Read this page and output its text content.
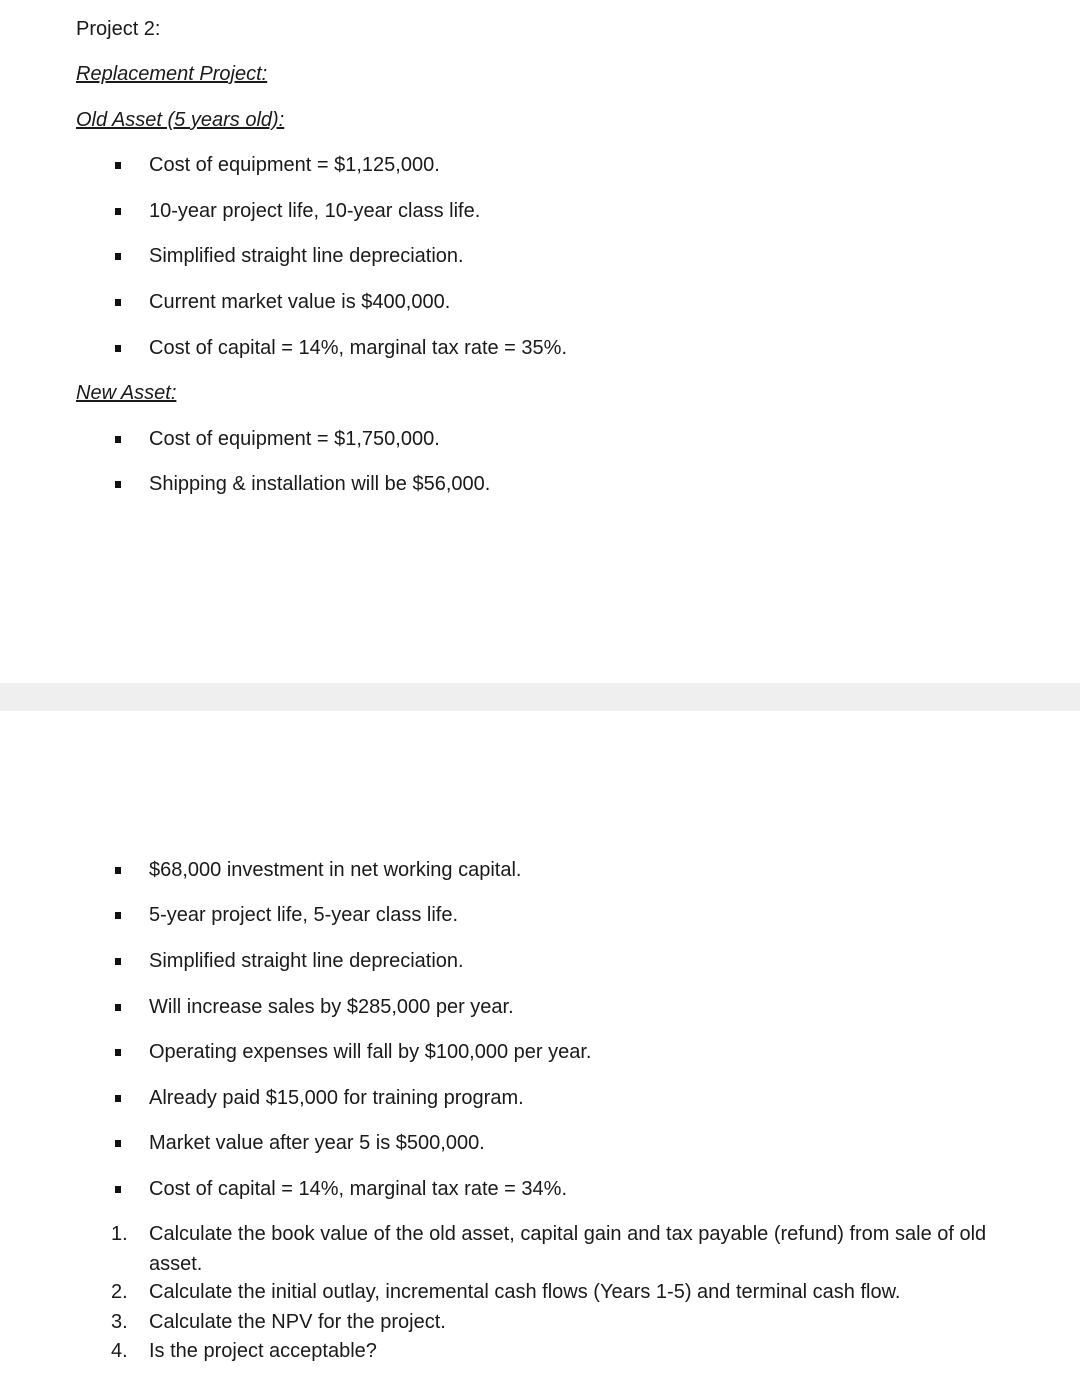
Project 2:
Replacement Project:
Old Asset (5 years old):
Cost of equipment = $1,125,000.
10-year project life, 10-year class life.
Simplified straight line depreciation.
Current market value is $400,000.
Cost of capital = 14%, marginal tax rate = 35%.
New Asset:
Cost of equipment = $1,750,000.
Shipping & installation will be $56,000.
$68,000 investment in net working capital.
5-year project life, 5-year class life.
Simplified straight line depreciation.
Will increase sales by $285,000 per year.
Operating expenses will fall by $100,000 per year.
Already paid $15,000 for training program.
Market value after year 5 is $500,000.
Cost of capital = 14%, marginal tax rate = 34%.
1. Calculate the book value of the old asset, capital gain and tax payable (refund) from sale of old asset.
2. Calculate the initial outlay, incremental cash flows (Years 1-5) and terminal cash flow.
3. Calculate the NPV for the project.
4. Is the project acceptable?
